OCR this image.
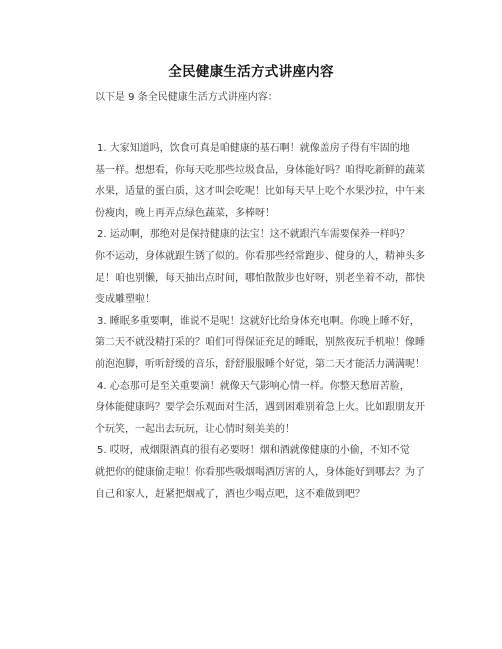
全民健康生活方式讲座内容
以下是 9 条全民健康生活方式讲座内容：

1. 大家知道吗，饮食可真是咱健康的基石啊！就像盖房子得有牢固的地
基一样。想想看，你每天吃那些垃圾食品，身体能好吗？咱得吃新鲜的蔬菜
水果，适量的蛋白质，这才叫会吃呢！比如每天早上吃个水果沙拉，中午来
份瘦肉，晚上再弄点绿色蔬菜，多棒呀！

2. 运动啊，那绝对是保持健康的法宝！这不就跟汽车需要保养一样吗？
你不运动，身体就跟生锈了似的。你看那些经常跑步、健身的人，精神头多
足！咱也别懒，每天抽出点时间，哪怕散散步也好呀，别老坐着不动，都快
变成雕塑啦！

3. 睡眠多重要啊，谁说不是呢！这就好比给身体充电啊。你晚上睡不好，
第二天不就没精打采的？咱们可得保证充足的睡眠，别熬夜玩手机啦！像睡
前泡泡脚，听听舒缓的音乐，舒舒服服睡个好觉，第二天才能活力满满呢！

4. 心态那可是至关重要滴！就像天气影响心情一样。你整天愁眉苦脸，
身体能健康吗？要学会乐观面对生活，遇到困难别着急上火。比如跟朋友开
个玩笑，一起出去玩玩，让心情时刻美美的！

5. 哎呀，戒烟限酒真的很有必要呀！烟和酒就像健康的小偷，不知不觉
就把你的健康偷走啦！你看那些吸烟喝酒厉害的人，身体能好到哪去？为了
自己和家人，赶紧把烟戒了，酒也少喝点吧，这不难做到吧？
